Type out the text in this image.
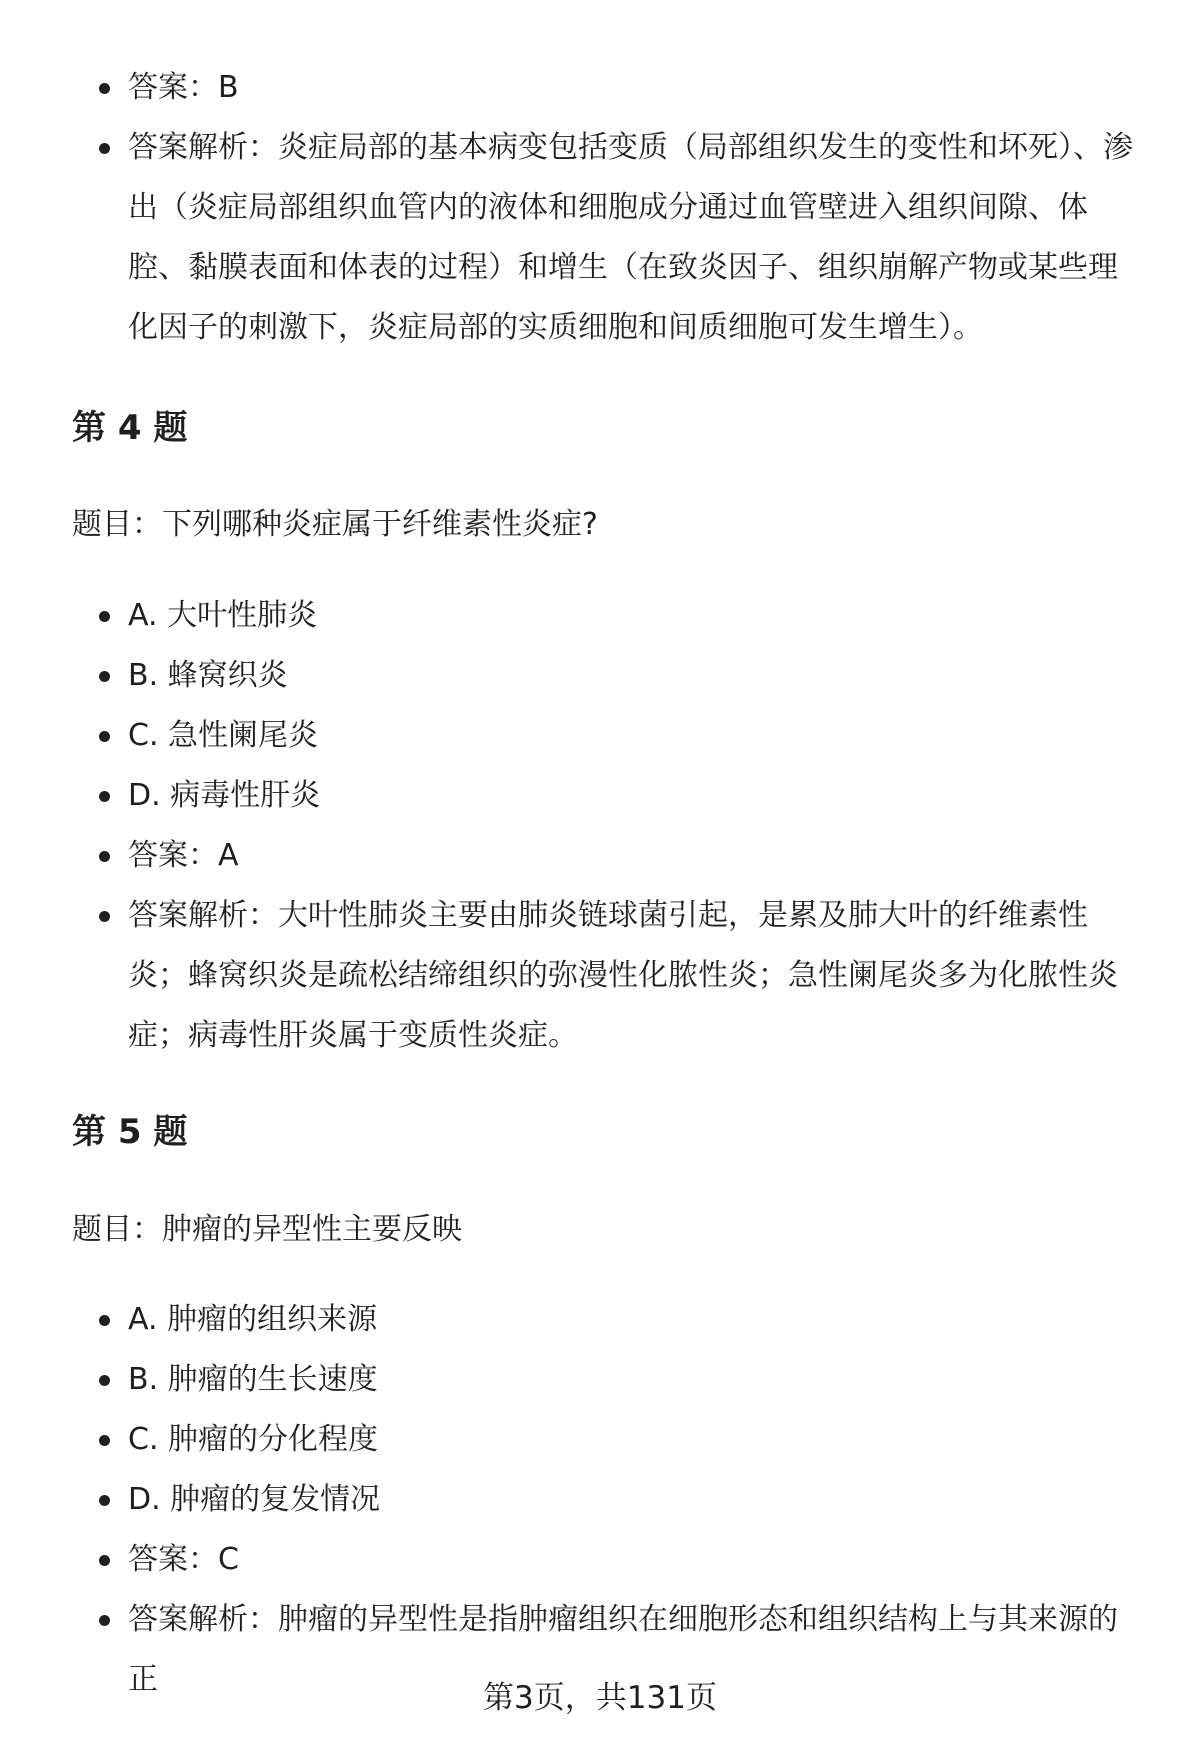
答案：B
答案解析：炎症局部的基本病变包括变质（局部组织发生的变性和坏死）、渗出（炎症局部组织血管内的液体和细胞成分通过血管壁进入组织间隙、体腔、黏膜表面和体表的过程）和增生（在致炎因子、组织崩解产物或某些理化因子的刺激下，炎症局部的实质细胞和间质细胞可发生增生）。
第 4 题
题目：下列哪种炎症属于纤维素性炎症?
A. 大叶性肺炎
B. 蜂窝织炎
C. 急性阑尾炎
D. 病毒性肝炎
答案：A
答案解析：大叶性肺炎主要由肺炎链球菌引起，是累及肺大叶的纤维素性炎；蜂窝织炎是疏松结缔组织的弥漫性化脓性炎；急性阑尾炎多为化脓性炎症；病毒性肝炎属于变质性炎症。
第 5 题
题目：肿瘤的异型性主要反映
A. 肿瘤的组织来源
B. 肿瘤的生长速度
C. 肿瘤的分化程度
D. 肿瘤的复发情况
答案：C
答案解析：肿瘤的异型性是指肿瘤组织在细胞形态和组织结构上与其来源的正
第3页，共131页
